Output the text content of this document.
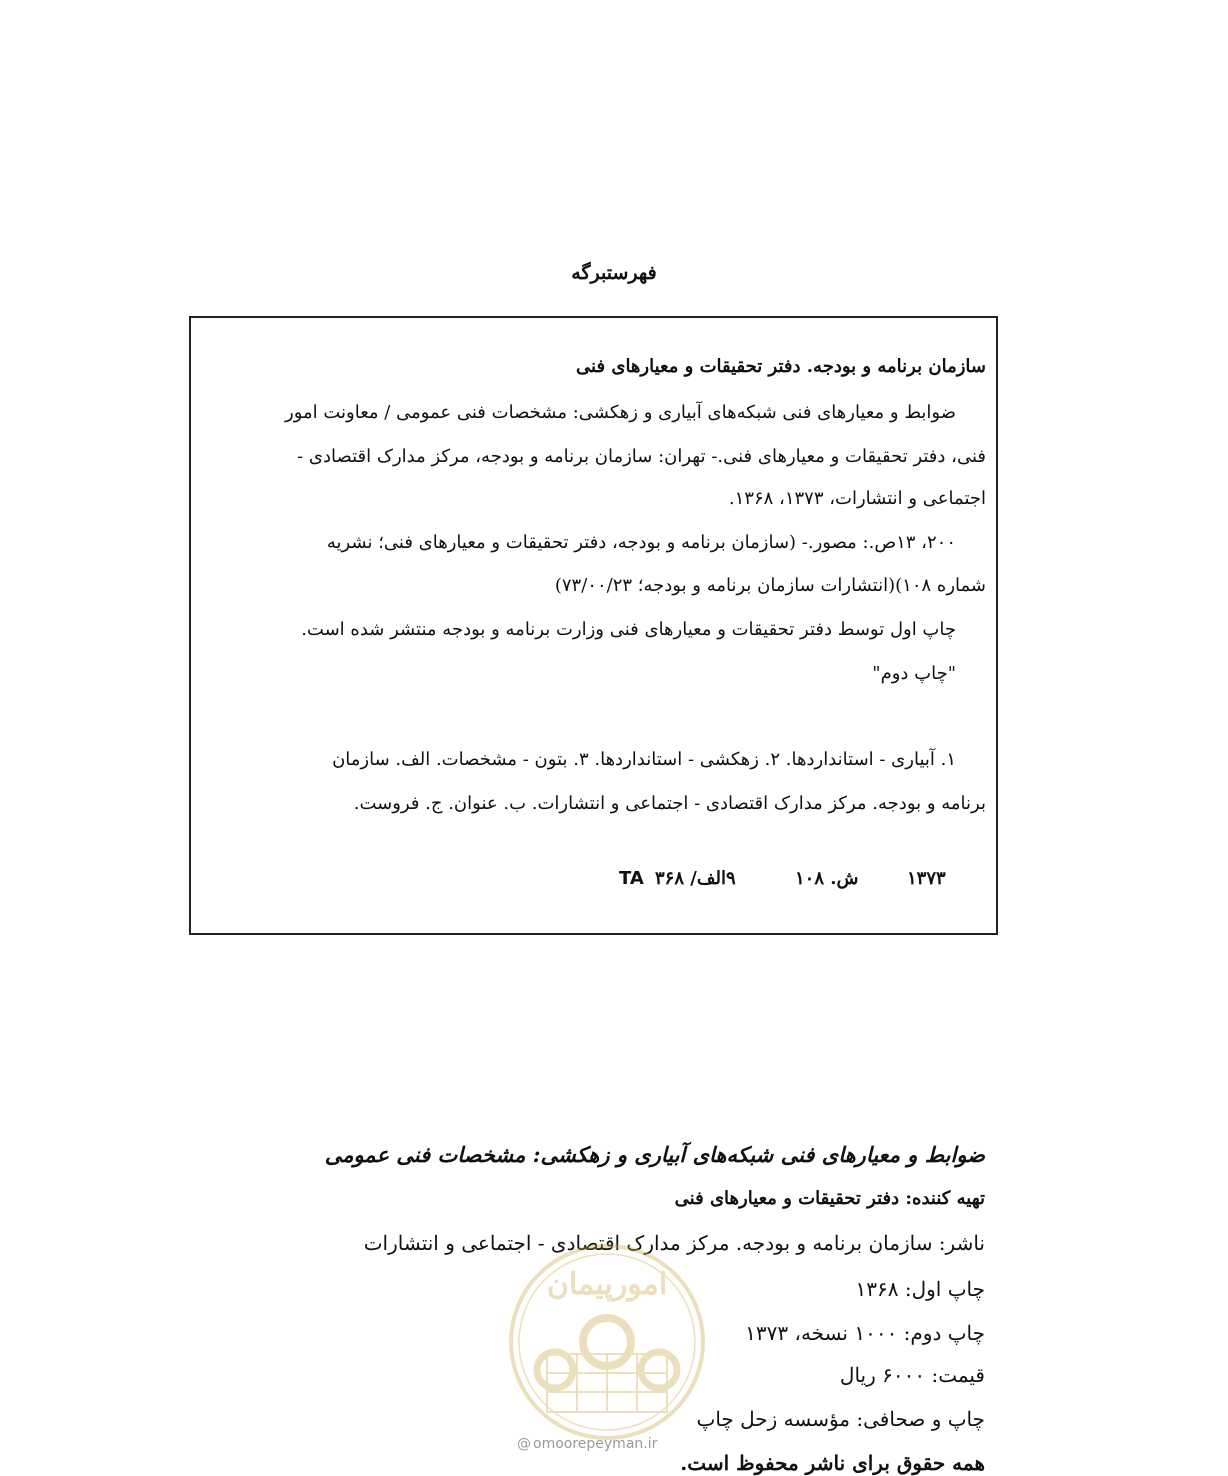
فهرستبرگه
سازمان برنامه و بودجه. دفتر تحقیقات و معیارهای فنی
ضوابط و معیارهای فنی شبکه‌های آبیاری و زهکشی: مشخصات فنی عمومی / معاونت امور
فنی، دفتر تحقیقات و معیارهای فنی.- تهران: سازمان برنامه و بودجه، مرکز مدارک اقتصادی -
اجتماعی و انتشارات، ۱۳۷۳، ۱۳۶۸.
۲۰۰، ۱۳ص.: مصور.- (سازمان برنامه و بودجه، دفتر تحقیقات و معیارهای فنی؛ نشریه
شماره ۱۰۸)(انتشارات سازمان برنامه و بودجه؛ ۷۳/۰۰/۲۳)
چاپ اول توسط دفتر تحقیقات و معیارهای فنی وزارت برنامه و بودجه منتشر شده است.
"چاپ دوم"
۱. آبیاری - استانداردها. ۲. زهکشی - استانداردها. ۳. بتون - مشخصات. الف. سازمان
برنامه و بودجه. مرکز مدارک اقتصادی - اجتماعی و انتشارات. ب. عنوان. ج. فروست.
۱۳۷۳
ش. ۱۰۸
۹الف/ ۳۶۸
TA
ضوابط و معیارهای فنی شبکه‌های آبیاری و زهکشی: مشخصات فنی عمومی
تهیه کننده: دفتر تحقیقات و معیارهای فنی
ناشر: سازمان برنامه و بودجه. مرکز مدارک اقتصادی - اجتماعی و انتشارات
چاپ اول: ۱۳۶۸
چاپ دوم: ۱۰۰۰ نسخه، ۱۳۷۳
قیمت: ۶۰۰۰ ریال
چاپ و صحافی: مؤسسه زحل چاپ
همه حقوق برای ناشر محفوظ است.
امورپیمان
@ omoorepeyman.ir
